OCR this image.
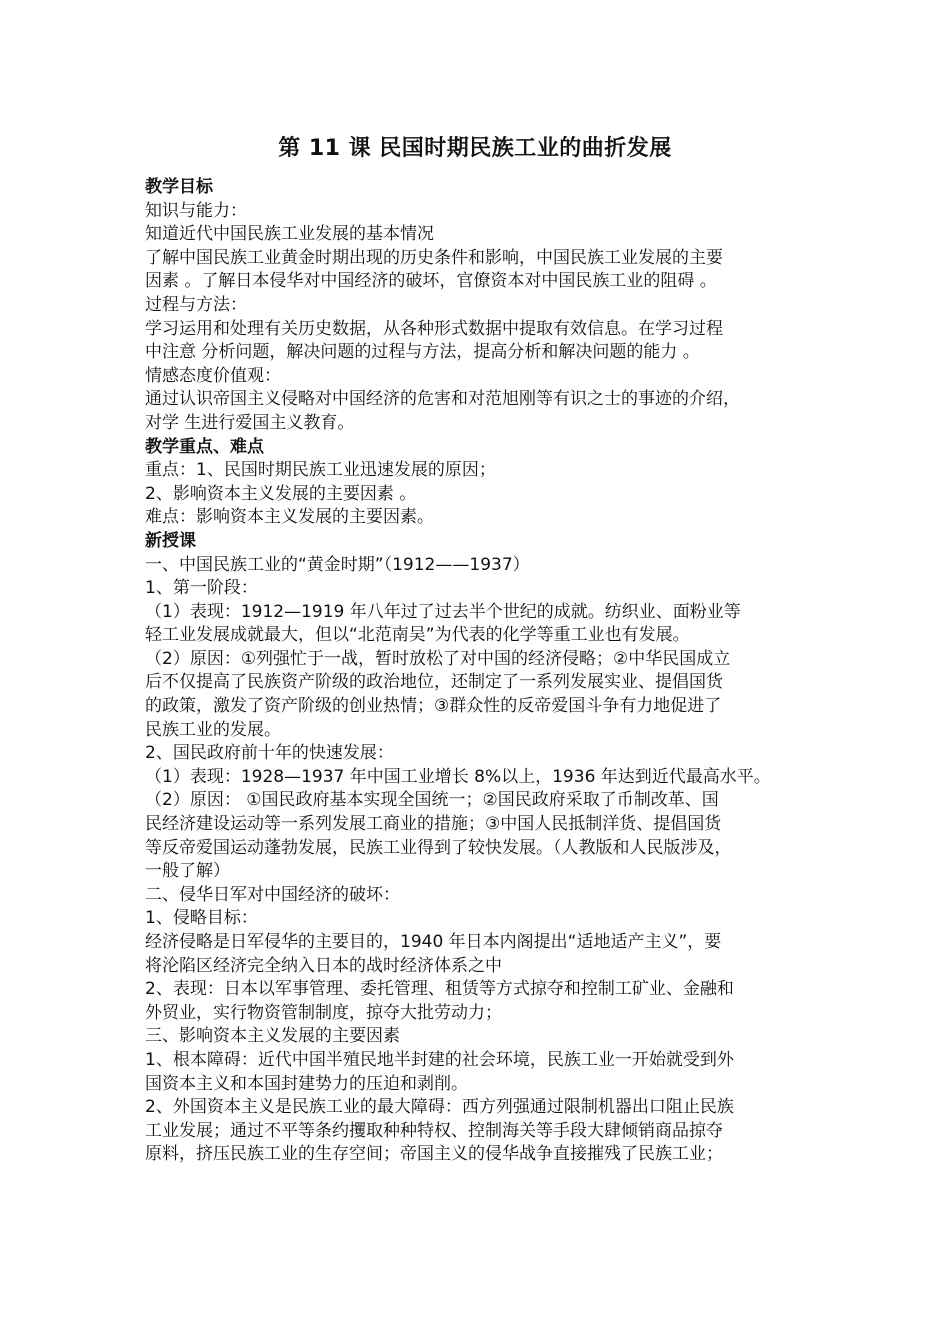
第 11 课 民国时期民族工业的曲折发展

教学目标

知识与能力：

知道近代中国民族工业发展的基本情况

了解中国民族工业黄金时期出现的历史条件和影响，中国民族工业发展的主要

因素 。了解日本侵华对中国经济的破坏，官僚资本对中国民族工业的阻碍 。

过程与方法：

学习运用和处理有关历史数据，从各种形式数据中提取有效信息。在学习过程

中注意 分析问题，解决问题的过程与方法，提高分析和解决问题的能力 。

情感态度价值观：

通过认识帝国主义侵略对中国经济的危害和对范旭刚等有识之士的事迹的介绍，

对学 生进行爱国主义教育。

教学重点、难点

重点：1、民国时期民族工业迅速发展的原因；

2、影响资本主义发展的主要因素 。

难点：影响资本主义发展的主要因素。

新授课

一、中国民族工业的“黄金时期”（1912——1937）

1、第一阶段：

（1）表现：1912—1919 年八年过了过去半个世纪的成就。纺织业、面粉业等

轻工业发展成就最大，但以“北范南吴”为代表的化学等重工业也有发展。

（2）原因：①列强忙于一战，暂时放松了对中国的经济侵略；②中华民国成立

后不仅提高了民族资产阶级的政治地位，还制定了一系列发展实业、提倡国货

的政策，激发了资产阶级的创业热情；③群众性的反帝爱国斗争有力地促进了

民族工业的发展。

2、国民政府前十年的快速发展：

（1）表现：1928—1937 年中国工业增长 8%以上，1936 年达到近代最高水平。

（2）原因： ①国民政府基本实现全国统一；②国民政府采取了币制改革、国

民经济建设运动等一系列发展工商业的措施；③中国人民抵制洋货、提倡国货

等反帝爱国运动蓬勃发展，民族工业得到了较快发展。（人教版和人民版涉及，

一般了解）

二、侵华日军对中国经济的破坏：

1、侵略目标：

经济侵略是日军侵华的主要目的，1940 年日本内阁提出“适地适产主义”，要

将沦陷区经济完全纳入日本的战时经济体系之中

2、表现：日本以军事管理、委托管理、租赁等方式掠夺和控制工矿业、金融和

外贸业，实行物资管制制度，掠夺大批劳动力；

三、影响资本主义发展的主要因素

1、根本障碍：近代中国半殖民地半封建的社会环境，民族工业一开始就受到外

国资本主义和本国封建势力的压迫和剥削。

2、外国资本主义是民族工业的最大障碍：西方列强通过限制机器出口阻止民族

工业发展；通过不平等条约攫取种种特权、控制海关等手段大肆倾销商品掠夺

原料，挤压民族工业的生存空间；帝国主义的侵华战争直接摧残了民族工业；
